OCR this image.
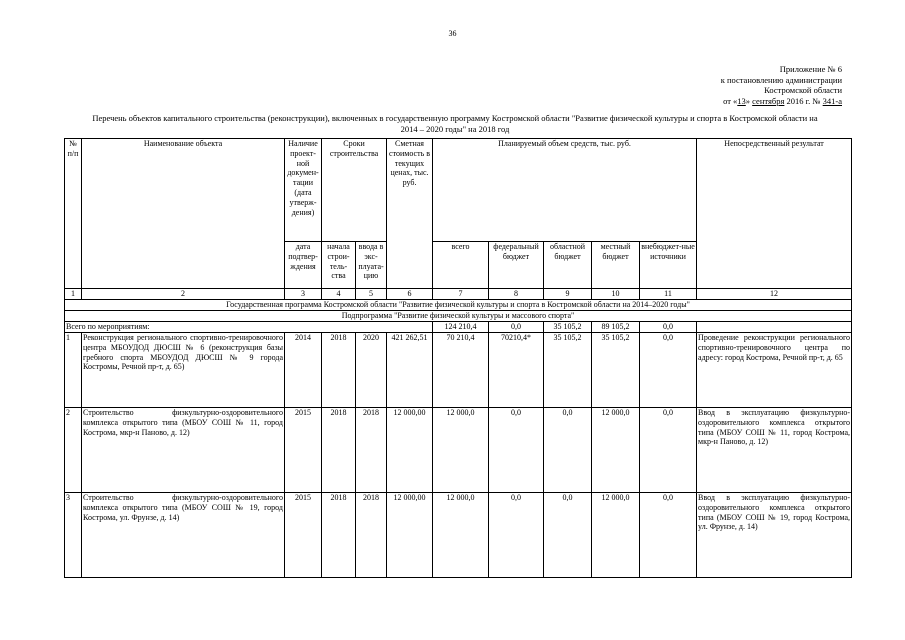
36
Приложение № 6
к постановлению администрации
Костромской области
от «13» сентября 2016 г. № 341-а
Перечень объектов капитального строительства (реконструкции), включенных в государственную программу Костромской области "Развитие физической культуры и спорта в Костромской области на
2014 – 2020 годы" на 2018 год
№ п/п	Наименование объекта	Наличие проект-ной докумен-тации (дата утверж-дения)	Сроки строительства		Сметная стоимость в текущих ценах, тыс. руб.	Планируемый объем средств, тыс. руб.					Непосредственный результат
		дата подтвер-ждения	начала строи-тель-ства	ввода в экс-плуата-цию		всего	федеральный бюджет	областной бюджет	местный бюджет	внебюджет-ные источники	
1	2	3	4	5	6	7	8	9	10	11	12
Государственная программа Костромской области "Развитие физической культуры и спорта в Костромской области на 2014–2020 годы"											
Подпрограмма "Развитие физической культуры и массового спорта"											
Всего по мероприятиям:						124 210,4	0,0	35 105,2	89 105,2	0,0	
1	Реконструкция регионального спортивно-тренировочного центра МБОУДОД ДЮСШ № 6 (реконструкция базы гребного спорта МБОУДОД ДЮСШ № 9 города Костромы, Речной пр-т, д. 65)	2014	2018	2020	421 262,51	70 210,4	70210,4*	35 105,2	35 105,2	0,0	Проведение реконструкции регионального спортивно-тренировочного центра по адресу: город Кострома, Речной пр-т, д. 65
2	Строительство физкультурно-оздоровительного комплекса открытого типа (МБОУ СОШ № 11, город Кострома, мкр-н Паново, д. 12)	2015	2018	2018	12 000,00	12 000,0	0,0	0,0	12 000,0	0,0	Ввод в эксплуатацию физкультурно-оздоровительного комплекса открытого типа (МБОУ СОШ № 11, город Кострома, мкр-н Паново, д. 12)
3	Строительство физкультурно-оздоровительного комплекса открытого типа (МБОУ СОШ № 19, город Кострома, ул. Фрунзе, д. 14)	2015	2018	2018	12 000,00	12 000,0	0,0	0,0	12 000,0	0,0	Ввод в эксплуатацию физкультурно-оздоровительного комплекса открытого типа (МБОУ СОШ № 19, город Кострома, ул. Фрунзе, д. 14)
